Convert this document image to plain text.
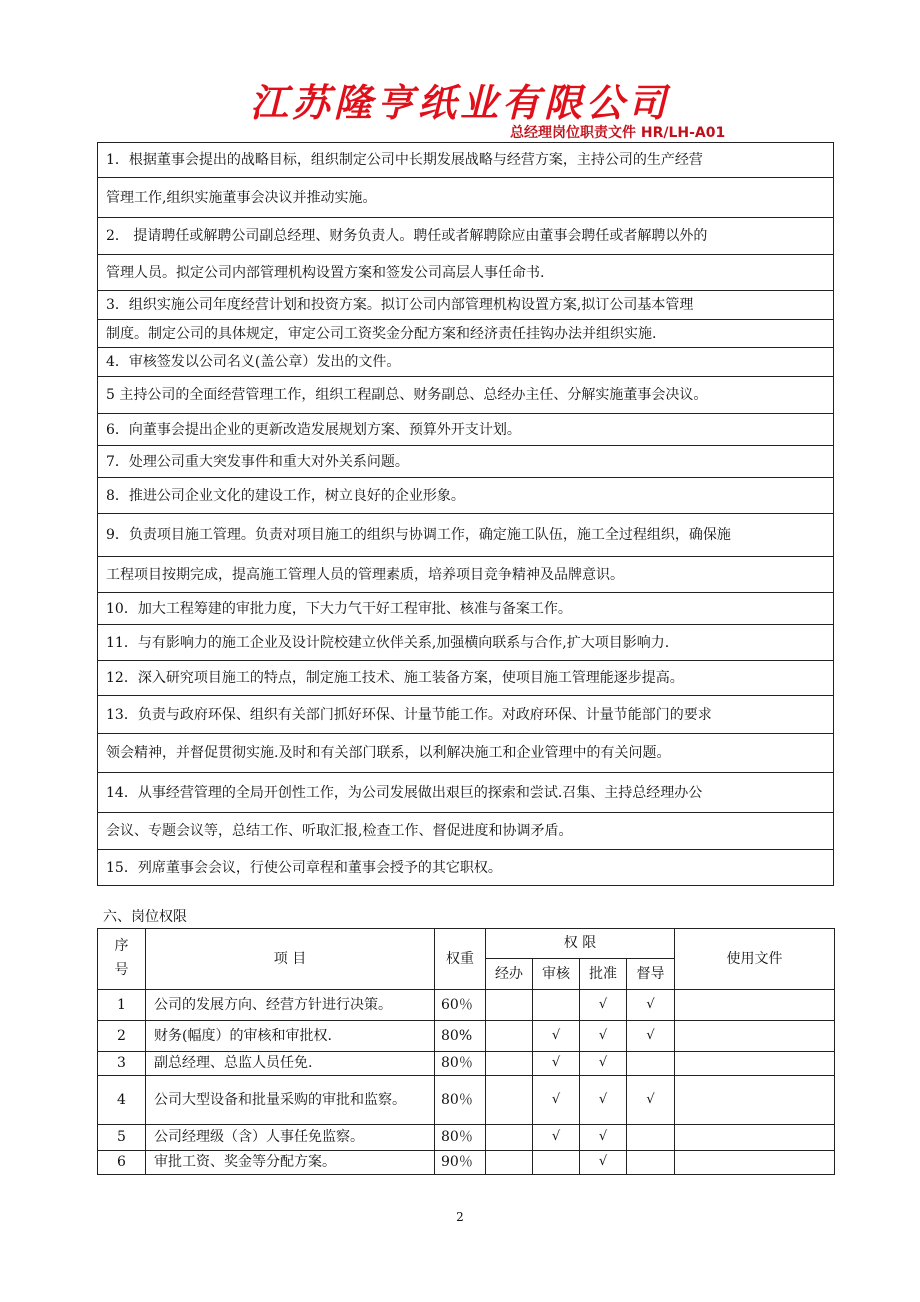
江苏隆亨纸业有限公司
总经理岗位职责文件 HR/LH-A01
1．根据董事会提出的战略目标，组织制定公司中长期发展战略与经营方案，主持公司的生产经营
管理工作,组织实施董事会决议并推动实施。
2． 提请聘任或解聘公司副总经理、财务负责人。聘任或者解聘除应由董事会聘任或者解聘以外的
管理人员。拟定公司内部管理机构设置方案和签发公司高层人事任命书.
3．组织实施公司年度经营计划和投资方案。拟订公司内部管理机构设置方案,拟订公司基本管理
制度。制定公司的具体规定，审定公司工资奖金分配方案和经济责任挂钩办法并组织实施.
4．审核签发以公司名义(盖公章）发出的文件。
5 主持公司的全面经营管理工作，组织工程副总、财务副总、总经办主任、分解实施董事会决议。
6．向董事会提出企业的更新改造发展规划方案、预算外开支计划。
7．处理公司重大突发事件和重大对外关系问题。
8．推进公司企业文化的建设工作，树立良好的企业形象。
9．负责项目施工管理。负责对项目施工的组织与协调工作，确定施工队伍，施工全过程组织，确保施
工程项目按期完成，提高施工管理人员的管理素质，培养项目竞争精神及品牌意识。
10．加大工程筹建的审批力度，下大力气干好工程审批、核准与备案工作。
11．与有影响力的施工企业及设计院校建立伙伴关系,加强横向联系与合作,扩大项目影响力.
12．深入研究项目施工的特点，制定施工技术、施工装备方案，使项目施工管理能逐步提高。
13．负责与政府环保、组织有关部门抓好环保、计量节能工作。对政府环保、计量节能部门的要求
领会精神，并督促贯彻实施.及时和有关部门联系，以利解决施工和企业管理中的有关问题。
14．从事经营管理的全局开创性工作，为公司发展做出艰巨的探索和尝试.召集、主持总经理办公
会议、专题会议等，总结工作、听取汇报,检查工作、督促进度和协调矛盾。
15．列席董事会会议，行使公司章程和董事会授予的其它职权。
六、岗位权限
序号	项 目	权重	权 限				使用文件
			经办	审核	批准	督导	
1	公司的发展方向、经营方针进行决策。	60％			√	√	
2	财务(幅度）的审核和审批权.	80%		√	√	√	
3	副总经理、总监人员任免.	80％		√	√		
4	公司大型设备和批量采购的审批和监察。	80％		√	√	√	
5	公司经理级（含）人事任免监察。	80％		√	√		
6	审批工资、奖金等分配方案。	90％			√		
2
